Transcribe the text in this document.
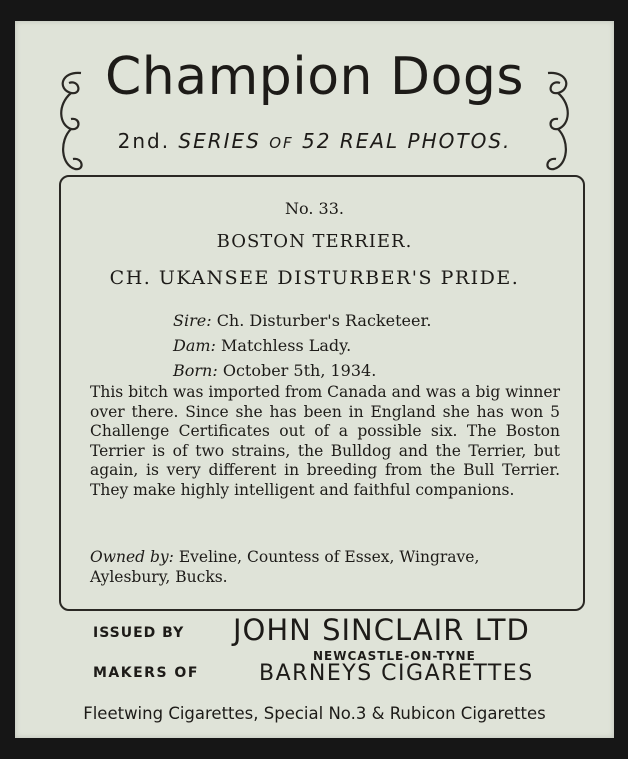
Champion Dogs
2nd. SERIES OF 52 REAL PHOTOS.
No. 33.
BOSTON TERRIER.
CH. UKANSEE DISTURBER'S PRIDE.
Sire: Ch. Disturber's Racketeer.
Dam: Matchless Lady.
Born: October 5th, 1934.
This bitch was imported from Canada and was a big winner over there. Since she has been in England she has won 5 Challenge Certificates out of a possible six. The Boston Terrier is of two strains, the Bulldog and the Terrier, but again, is very different in breeding from the Bull Terrier. They make highly intelligent and faithful companions.
Owned by: Eveline, Countess of Essex, Wingrave, Aylesbury, Bucks.
ISSUED BY JOHN SINCLAIR LTD
NEWCASTLE-ON-TYNE
MAKERS OF	BARNEYS CIGARETTES
Fleetwing Cigarettes, Special No.3 & Rubicon Cigarettes
